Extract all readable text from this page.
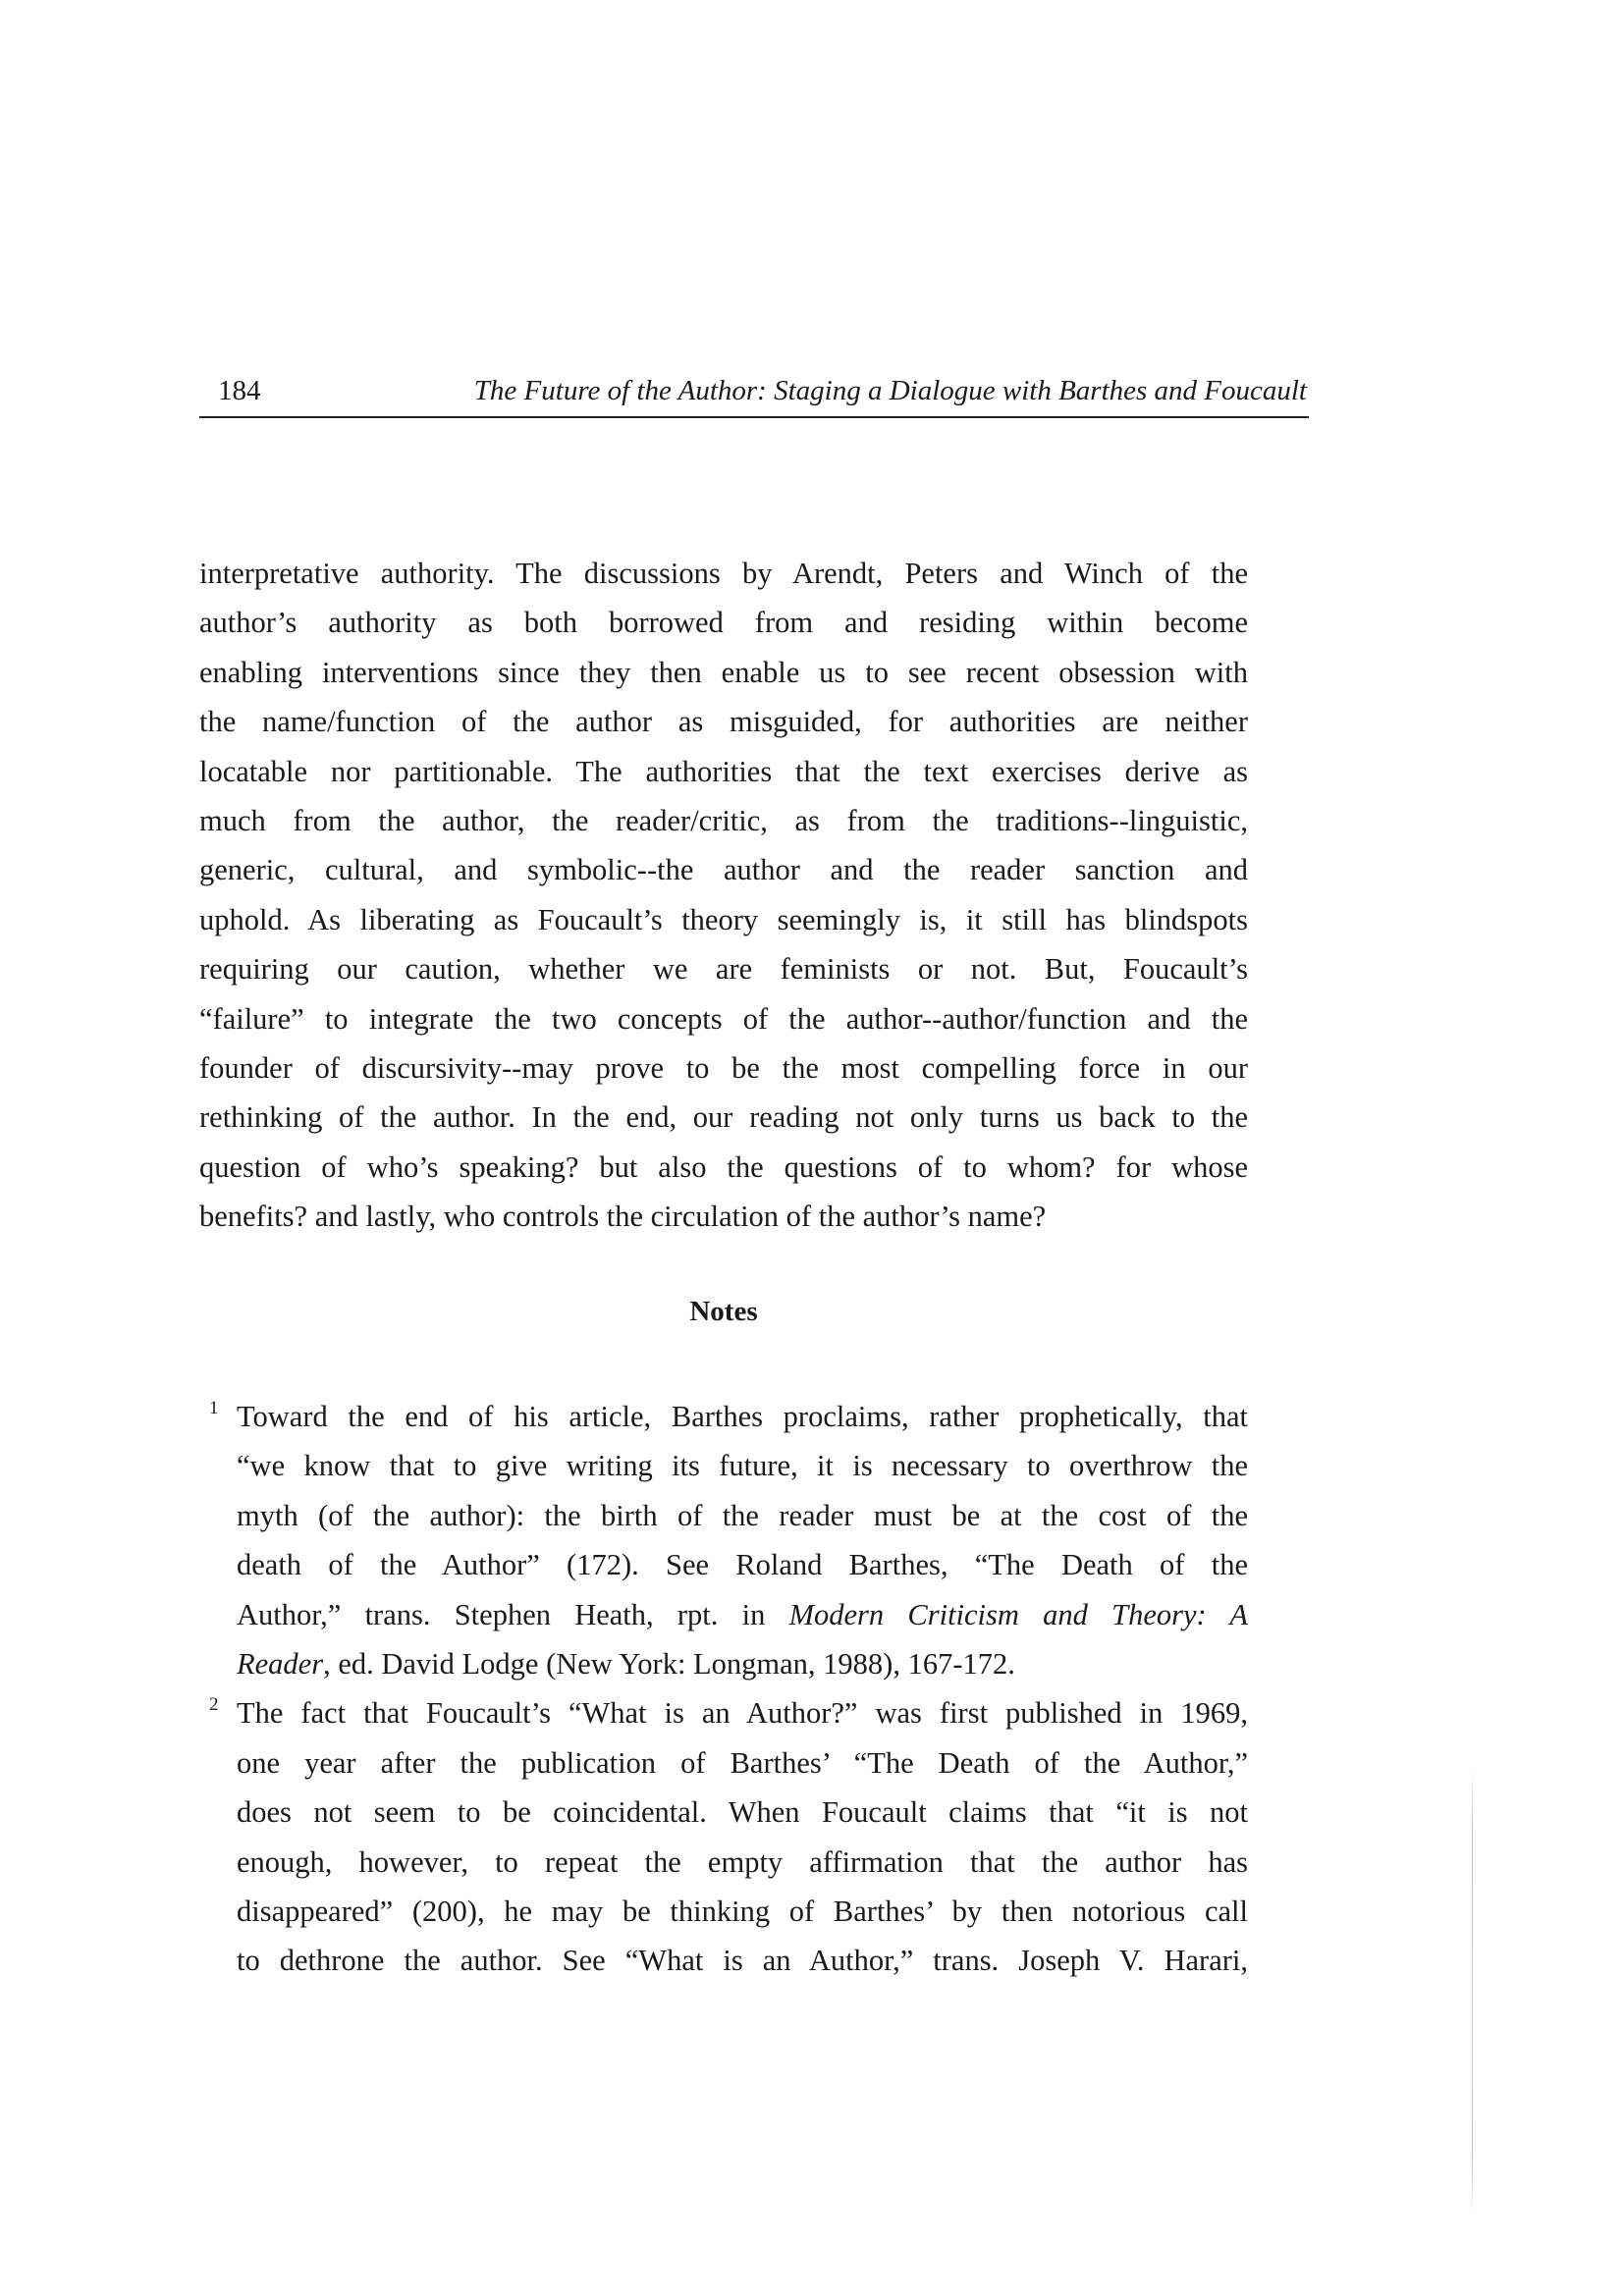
184	The Future of the Author: Staging a Dialogue with Barthes and Foucault
interpretative authority. The discussions by Arendt, Peters and Winch of the
author’s authority as both borrowed from and residing within become
enabling interventions since they then enable us to see recent obsession with
the name/function of the author as misguided, for authorities are neither
locatable nor partitionable. The authorities that the text exercises derive as
much from the author, the reader/critic, as from the traditions--linguistic,
generic, cultural, and symbolic--the author and the reader sanction and
uphold. As liberating as Foucault’s theory seemingly is, it still has blindspots
requiring our caution, whether we are feminists or not. But, Foucault’s
“failure” to integrate the two concepts of the author--author/function and the
founder of discursivity--may prove to be the most compelling force in our
rethinking of the author. In the end, our reading not only turns us back to the
question of who’s speaking? but also the questions of to whom? for whose
benefits? and lastly, who controls the circulation of the author’s name?
Notes
1 Toward the end of his article, Barthes proclaims, rather prophetically, that
“we know that to give writing its future, it is necessary to overthrow the
myth (of the author): the birth of the reader must be at the cost of the
death of the Author” (172). See Roland Barthes, “The Death of the
Author,” trans. Stephen Heath, rpt. in Modern Criticism and Theory: A
Reader, ed. David Lodge (New York: Longman, 1988), 167-172.
2 The fact that Foucault’s “What is an Author?” was first published in 1969,
one year after the publication of Barthes’ “The Death of the Author,”
does not seem to be coincidental. When Foucault claims that “it is not
enough, however, to repeat the empty affirmation that the author has
disappeared” (200), he may be thinking of Barthes’ by then notorious call
to dethrone the author. See “What is an Author,” trans. Joseph V. Harari,
